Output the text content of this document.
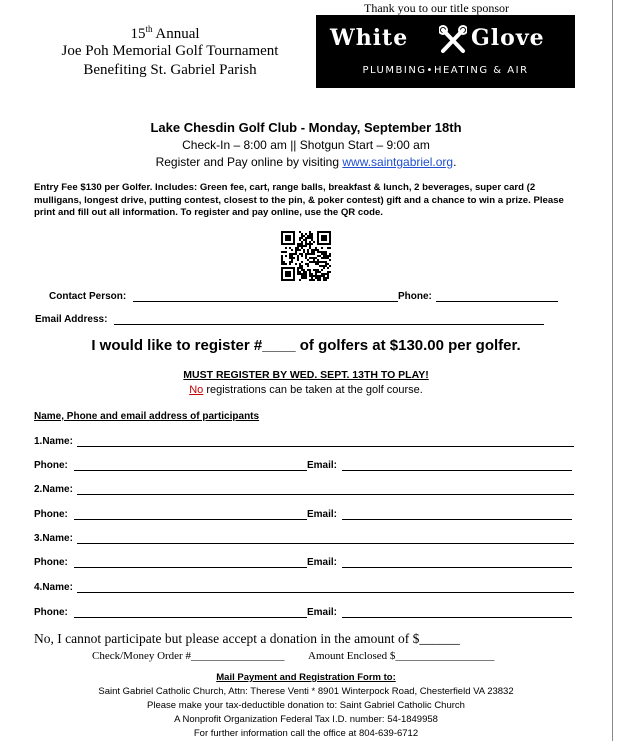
Thank you to our title sponsor
15th Annual
Joe Poh Memorial Golf Tournament
Benefiting St. Gabriel Parish
White	Glove
PLUMBING•HEATING & AIR
Lake Chesdin Golf Club - Monday, September 18th
Check-In – 8:00 am || Shotgun Start – 9:00 am
Register and Pay online by visiting www.saintgabriel.org.
Entry Fee $130 per Golfer. Includes: Green fee, cart, range balls, breakfast & lunch, 2 beverages, super card (2 mulligans, longest drive, putting contest, closest to the pin, & poker contest) gift and a chance to win a prize. Please print and fill out all information. To register and pay online, use the QR code.
Contact Person:	Phone:
Email Address:
I would like to register #____ of golfers at $130.00 per golfer.
MUST REGISTER BY WED. SEPT. 13TH TO PLAY!
No registrations can be taken at the golf course.
Name, Phone and email address of participants
1.Name:
Phone:	Email:
2.Name:
Phone:	Email:
3.Name:
Phone:	Email:
4.Name:
Phone:	Email:
No, I cannot participate but please accept a donation in the amount of $______
Check/Money Order #_________________ Amount Enclosed $__________________
Mail Payment and Registration Form to:
Saint Gabriel Catholic Church, Attn: Therese Venti * 8901 Winterpock Road, Chesterfield VA 23832
Please make your tax-deductible donation to: Saint Gabriel Catholic Church
A Nonprofit Organization Federal Tax I.D. number: 54-1849958
For further information call the office at 804-639-6712
